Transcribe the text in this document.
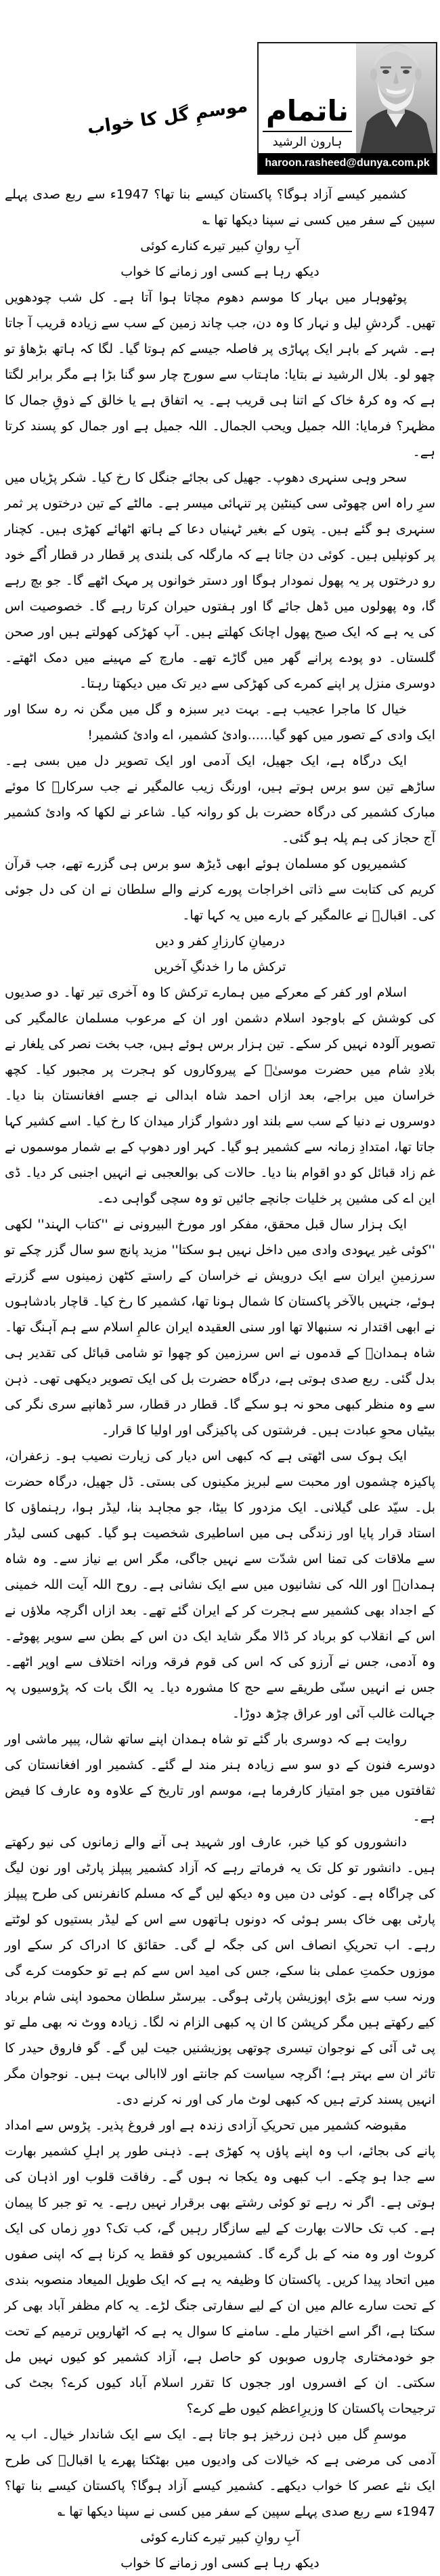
موسمِ گل کا خواب ناتمام
ہارون الرشید
haroon.rasheed@dunya.com.pk

کشمیر کیسے آزاد ہوگا؟ پاکستان کیسے بنا تھا؟ 1947ء سے ربع صدی پہلے سپین کے سفر میں کسی نے سپنا دیکھا تھا ؎

آبِ روانِ کبیر تیرے کنارے کوئی

دیکھ رہا ہے کسی اور زمانے کا خواب

پوٹھوہار میں بہار کا موسم دھوم مچاتا ہوا آتا ہے۔ کل شب چودھویں تھیں۔ گردشِ لیل و نہار کا وہ دن، جب چاند زمین کے سب سے زیادہ قریب آ جاتا ہے۔ شہر کے باہر ایک پہاڑی پر فاصلہ جیسے کم ہوتا گیا۔ لگا کہ ہاتھ بڑھاؤ تو چھو لو۔ بلال الرشید نے بتایا: ماہتاب سے سورج چار سو گنا بڑا ہے مگر برابر لگتا ہے کہ وہ کرۂ خاک کے اتنا ہی قریب ہے۔ یہ اتفاق ہے یا خالق کے ذوقِ جمال کا مظہر؟ فرمایا: اللہ جمیل ویحب الجمال۔ اللہ جمیل ہے اور جمال کو پسند کرتا ہے۔

سحر وہی سنہری دھوپ۔ جھیل کی بجائے جنگل کا رخ کیا۔ شکر پڑیاں میں سرِ راہ اس چھوٹی سی کینٹین پر تنہائی میسر ہے۔ مالٹے کے تین درختوں پر ثمر سنہری ہو گئے ہیں۔ پتوں کے بغیر ٹہنیاں دعا کے ہاتھ اٹھائے کھڑی ہیں۔ کچنار پر کونپلیں ہیں۔ کوئی دن جاتا ہے کہ مارگلہ کی بلندی پر قطار در قطار اُگے خود رو درختوں پر یہ پھول نمودار ہوگا اور دستر خوانوں پر مہک اٹھے گا۔ جو بچ رہے گا، وہ پھولوں میں ڈھل جائے گا اور ہفتوں حیران کرتا رہے گا۔ خصوصیت اس کی یہ ہے کہ ایک صبح پھول اچانک کھلتے ہیں۔ آپ کھڑکی کھولتے ہیں اور صحن گلستاں۔ دو پودے پرانے گھر میں گاڑے تھے۔ مارچ کے مہینے میں دمک اٹھتے۔ دوسری منزل پر اپنے کمرے کی کھڑکی سے دیر تک میں دیکھتا رہتا۔

خیال کا ماجرا عجیب ہے۔ بہت دیر سبزہ و گل میں مگن نہ رہ سکا اور ایک وادی کے تصور میں کھو گیا......وادیٔ کشمیر، اے وادیٔ کشمیر!

ایک درگاہ ہے، ایک جھیل، ایک آدمی اور ایک تصویر دل میں بسی ہے۔ ساڑھے تین سو برس ہوتے ہیں، اورنگ زیب عالمگیر نے جب سرکارؐ کا موئے مبارک کشمیر کی درگاہ حضرت بل کو روانہ کیا۔ شاعر نے لکھا کہ وادیٔ کشمیر آج حجاز کی ہم پلہ ہو گئی۔

کشمیریوں کو مسلمان ہوئے ابھی ڈیڑھ سو برس ہی گزرے تھے، جب قرآن کریم کی کتابت سے ذاتی اخراجات پورے کرنے والے سلطان نے ان کی دل جوئی کی۔ اقبالؔ نے عالمگیر کے بارے میں یہ کہا تھا۔

درمیانِ کارزارِ کفر و دیں

ترکش ما را خدنگِ آخریں

اسلام اور کفر کے معرکے میں ہمارے ترکش کا وہ آخری تیر تھا۔ دو صدیوں کی کوشش کے باوجود اسلام دشمن اور ان کے مرعوب مسلمان عالمگیر کی تصویر آلودہ نہیں کر سکے۔ تین ہزار برس ہوئے ہیں، جب بخت نصر کی یلغار نے بلادِ شام میں حضرت موسیٰؑ کے پیروکاروں کو ہجرت پر مجبور کیا۔ کچھ خراسان میں براجے، بعد ازاں احمد شاہ ابدالی نے جسے افغانستان بنا دیا۔ دوسروں نے دنیا کے سب سے بلند اور دشوار گزار میدان کا رخ کیا۔ اسے کشیر کہا جاتا تھا، امتدادِ زمانہ سے کشمیر ہو گیا۔ کہر اور دھوپ کے بے شمار موسموں نے غم زاد قبائل کو دو اقوام بنا دیا۔ حالات کی بوالعجبی نے انہیں اجنبی کر دیا۔ ڈی این اے کی مشین پر خلیات جانچے جائیں تو وہ سچی گواہی دے۔

ایک ہزار سال قبل محقق، مفکر اور مورخ البیرونی نے ''کتاب الہند'' لکھی ''کوئی غیر یہودی وادی میں داخل نہیں ہو سکتا'' مزید پانچ سو سال گزر چکے تو سرزمینِ ایران سے ایک درویش نے خراسان کے راستے کٹھن زمینوں سے گزرتے ہوئے، جنہیں بالآخر پاکستان کا شمال ہونا تھا، کشمیر کا رخ کیا۔ قاچار بادشاہوں نے ابھی اقتدار نہ سنبھالا تھا اور سنی العقیدہ ایران عالمِ اسلام سے ہم آہنگ تھا۔ شاہ ہمدانؒ کے قدموں نے اس سرزمین کو چھوا تو شامی قبائل کی تقدیر ہی بدل گئی۔ ربع صدی ہوتی ہے، درگاہ حضرت بل کی ایک تصویر دیکھی تھی۔ ذہن سے وہ منظر کبھی محو نہ ہو سکے گا۔ قطار در قطار، سر ڈھانپے سری نگر کی بیٹیاں محوِ عبادت ہیں۔ فرشتوں کی پاکیزگی اور اولیا کا قرار۔

ایک ہوک سی اٹھتی ہے کہ کبھی اس دیار کی زیارت نصیب ہو۔ زعفران، پاکیزہ چشموں اور محبت سے لبریز مکینوں کی بستی۔ ڈل جھیل، درگاہ حضرت بل۔ سیّد علی گیلانی۔ ایک مزدور کا بیٹا، جو مجاہد بنا، لیڈر ہوا، رہنماؤں کا استاد قرار پایا اور زندگی ہی میں اساطیری شخصیت ہو گیا۔ کبھی کسی لیڈر سے ملاقات کی تمنا اس شدّت سے نہیں جاگی، مگر اس بے نیاز سے۔ وہ شاہ ہمدانؒ اور اللہ کی نشانیوں میں سے ایک نشانی ہے۔ روح اللہ آیت اللہ خمینی کے اجداد بھی کشمیر سے ہجرت کر کے ایران گئے تھے۔ بعد ازاں اگرچہ ملاؤں نے اس کے انقلاب کو برباد کر ڈالا مگر شاید ایک دن اس کے بطن سے سویر پھوٹے۔ وہ آدمی، جس نے آرزو کی کہ اس کی قوم فرقہ ورانہ اختلاف سے اوپر اٹھے۔ جس نے انہیں سنّی طریقے سے حج کا مشورہ دیا۔ یہ الگ بات کہ پڑوسیوں پہ جہالت غالب آئی اور عراق چڑھ دوڑا۔

روایت ہے کہ دوسری بار گئے تو شاہ ہمدان اپنے ساتھ شال، پیپر ماشی اور دوسرے فنون کے دو سو سے زیادہ ہنر مند لے گئے۔ کشمیر اور افغانستان کی ثقافتوں میں جو امتیاز کارفرما ہے، موسم اور تاریخ کے علاوہ وہ عارف کا فیض ہے۔

دانشوروں کو کیا خبر، عارف اور شہید ہی آنے والے زمانوں کی نیو رکھتے ہیں۔ دانشور تو کل تک یہ فرماتے رہے کہ آزاد کشمیر پیپلز پارٹی اور نون لیگ کی چراگاہ ہے۔ کوئی دن میں وہ دیکھ لیں گے کہ مسلم کانفرنس کی طرح پیپلز پارٹی بھی خاک بسر ہوئی کہ دونوں ہاتھوں سے اس کے لیڈر بستیوں کو لوٹتے رہے۔ اب تحریکِ انصاف اس کی جگہ لے گی۔ حقائق کا ادراک کر سکے اور موزوں حکمتِ عملی بنا سکے، جس کی امید اس سے کم ہے تو حکومت کرے گی ورنہ سب سے بڑی اپوزیشن پارٹی ہوگی۔ بیرسٹر سلطان محمود اپنی شام برباد کیے رکھتے ہیں مگر کرپشن کا ان پہ کبھی الزام نہ لگا۔ زیادہ ووٹ نہ بھی ملے تو پی ٹی آئی کے نوجوان تیسری چوتھی پوزیشنیں جیت لیں گے۔ گو فاروق حیدر کا تاثر ان سے بہتر ہے؛ اگرچہ سیاست کم جانتے اور لاابالی بہت ہیں۔ نوجوان مگر انہیں پسند کرتے ہیں کہ کبھی لوٹ مار کی اور نہ کرنے دی۔

مقبوضہ کشمیر میں تحریکِ آزادی زندہ ہے اور فروغ پذیر۔ پڑوس سے امداد پانے کی بجائے، اب وہ اپنے پاؤں پہ کھڑی ہے۔ ذہنی طور پر اہلِ کشمیر بھارت سے جدا ہو چکے۔ اب کبھی وہ یکجا نہ ہوں گے۔ رفاقت قلوب اور اذہان کی ہوتی ہے۔ اگر نہ رہے تو کوئی رشتے بھی برقرار نہیں رہے۔ یہ تو جبر کا پیمان ہے۔ کب تک حالات بھارت کے لیے سازگار رہیں گے، کب تک؟ دورِ زماں کی ایک کروٹ اور وہ منہ کے بل گرے گا۔ کشمیریوں کو فقط یہ کرنا ہے کہ اپنی صفوں میں اتحاد پیدا کریں۔ پاکستان کا وظیفہ یہ ہے کہ ایک طویل المیعاد منصوبہ بندی کے تحت سارے عالم میں ان کے لیے سفارتی جنگ لڑے۔ یہ کام مظفر آباد بھی کر سکتا ہے، اگر اسے اختیار ملے۔ سامنے کا سوال یہ ہے کہ اٹھارویں ترمیم کے تحت جو خودمختاری چاروں صوبوں کو حاصل ہے، آزاد کشمیر کو کیوں نہیں مل سکتی۔ ان کے افسروں اور ججوں کا تقرر اسلام آباد کیوں کرے؟ بجٹ کی ترجیحات پاکستان کا وزیرِاعظم کیوں طے کرے؟

موسمِ گل میں ذہن زرخیز ہو جاتا ہے۔ ایک سے ایک شاندار خیال۔ اب یہ آدمی کی مرضی ہے کہ خیالات کی وادیوں میں بھٹکتا پھرے یا اقبالؔ کی طرح ایک نئے عصر کا خواب دیکھے۔ کشمیر کیسے آزاد ہوگا؟ پاکستان کیسے بنا تھا؟ 1947ء سے ربع صدی پہلے سپین کے سفر میں کسی نے سپنا دیکھا تھا ؎

آبِ روانِ کبیر تیرے کنارے کوئی

دیکھ رہا ہے کسی اور زمانے کا خواب
